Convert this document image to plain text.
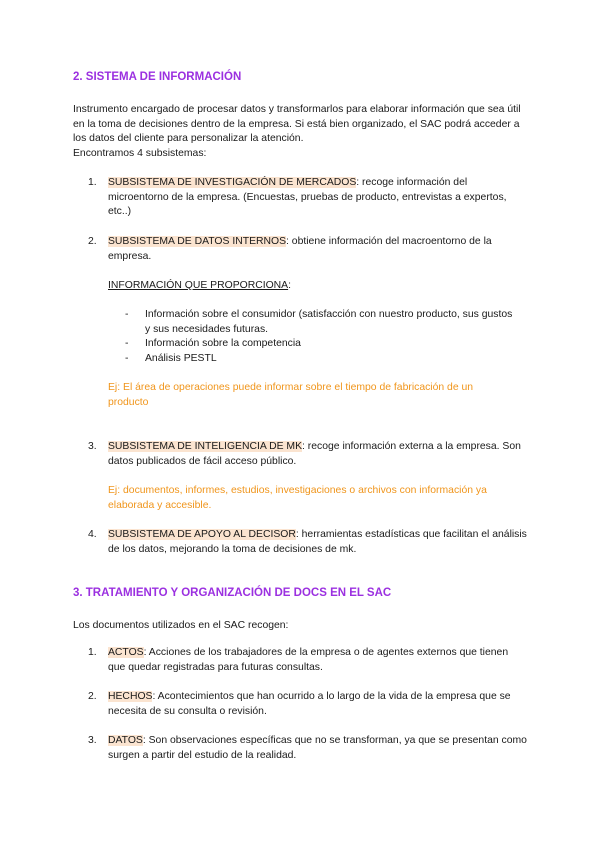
2. SISTEMA DE INFORMACIÓN

Instrumento encargado de procesar datos y transformarlos para elaborar información que sea útil en la toma de decisiones dentro de la empresa. Si está bien organizado, el SAC podrá acceder a los datos del cliente para personalizar la atención.

Encontramos 4 subsistemas:

1.	SUBSISTEMA DE INVESTIGACIÓN DE MERCADOS: recoge información del microentorno de la empresa. (Encuestas, pruebas de producto, entrevistas a expertos, etc..)
2.	SUBSISTEMA DE DATOS INTERNOS: obtiene información del macroentorno de la empresa.
INFORMACIÓN QUE PROPORCIONA:
- Información sobre el consumidor (satisfacción con nuestro producto, sus gustos y sus necesidades futuras.
- Información sobre la competencia
- Análisis PESTL
Ej: El área de operaciones puede informar sobre el tiempo de fabricación de un producto
3.	SUBSISTEMA DE INTELIGENCIA DE MK: recoge información externa a la empresa. Son datos publicados de fácil acceso público.
Ej: documentos, informes, estudios, investigaciones o archivos con información ya elaborada y accesible.
4.	SUBSISTEMA DE APOYO AL DECISOR: herramientas estadísticas que facilitan el análisis de los datos, mejorando la toma de decisiones de mk.
3. TRATAMIENTO Y ORGANIZACIÓN DE DOCS EN EL SAC

Los documentos utilizados en el SAC recogen:

1.	ACTOS: Acciones de los trabajadores de la empresa o de agentes externos que tienen que quedar registradas para futuras consultas.
2.	HECHOS: Acontecimientos que han ocurrido a lo largo de la vida de la empresa que se necesita de su consulta o revisión.
3.	DATOS: Son observaciones específicas que no se transforman, ya que se presentan como surgen a partir del estudio de la realidad.
